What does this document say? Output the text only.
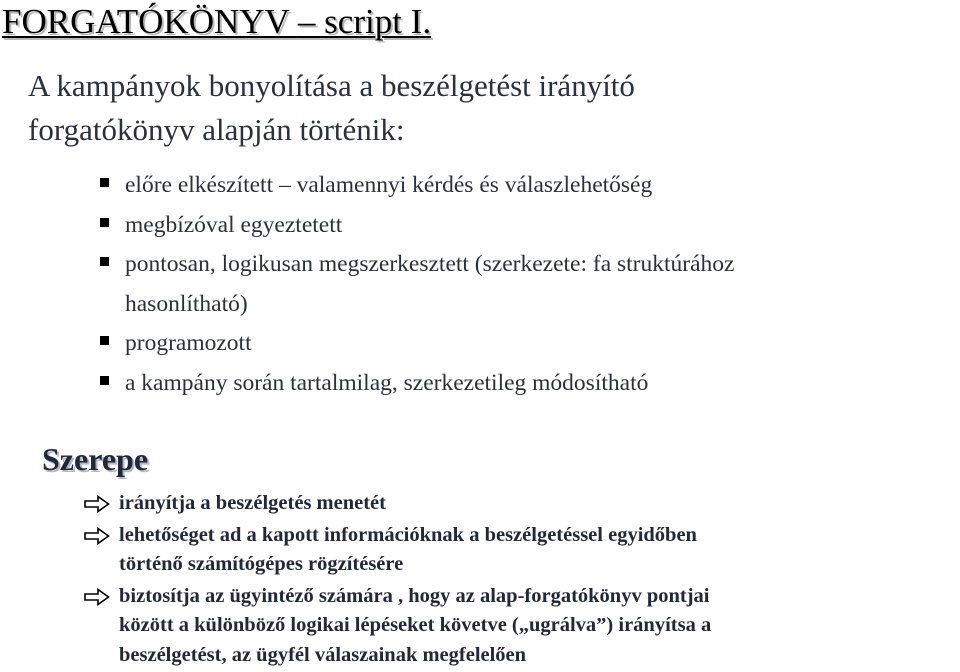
FORGATÓKÖNYV – script I.
A kampányok bonyolítása a beszélgetést irányító
forgatókönyv alapján történik:
előre elkészített – valamennyi kérdés és válaszlehetőség
megbízóval egyeztetett
pontosan, logikusan megszerkesztett (szerkezete: fa struktúrához
hasonlítható)
programozott
a kampány során tartalmilag, szerkezetileg módosítható
Szerepe
irányítja a beszélgetés menetét
lehetőséget ad a kapott információknak a beszélgetéssel egyidőben
történő számítógépes rögzítésére
biztosítja az ügyintéző számára , hogy az alap-forgatókönyv pontjai
között a különböző logikai lépéseket követve („ugrálva”) irányítsa a
beszélgetést, az ügyfél válaszainak megfelelően
